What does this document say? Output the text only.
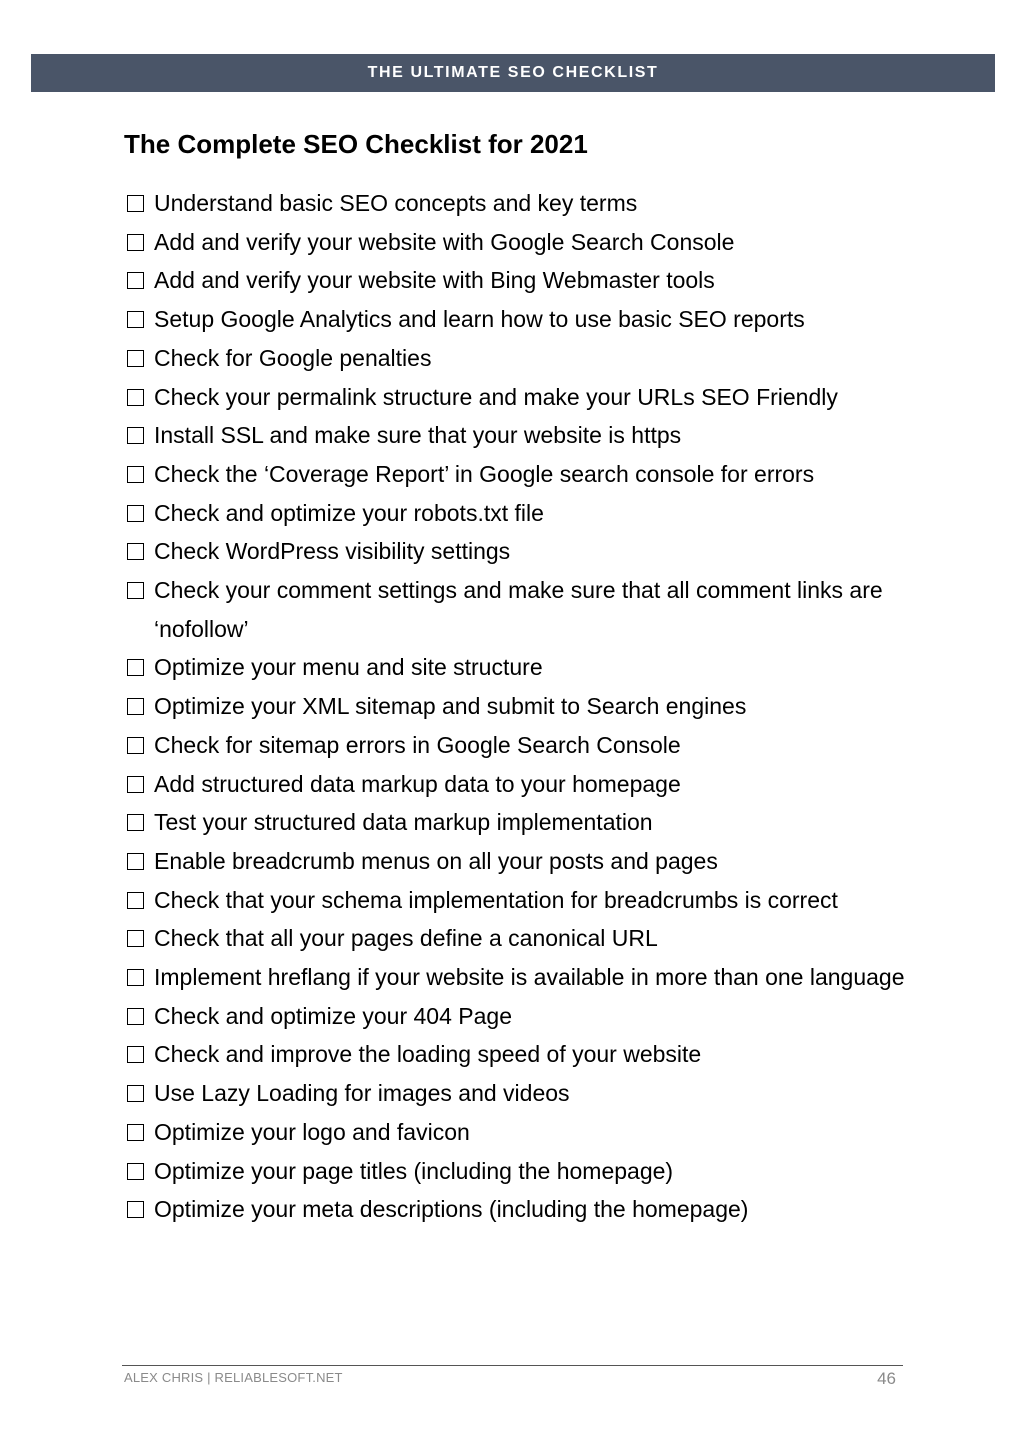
THE ULTIMATE SEO CHECKLIST
The Complete SEO Checklist for 2021
Understand basic SEO concepts and key terms
Add and verify your website with Google Search Console
Add and verify your website with Bing Webmaster tools
Setup Google Analytics and learn how to use basic SEO reports
Check for Google penalties
Check your permalink structure and make your URLs SEO Friendly
Install SSL and make sure that your website is https
Check the ‘Coverage Report’ in Google search console for errors
Check and optimize your robots.txt file
Check WordPress visibility settings
Check your comment settings and make sure that all comment links are ‘nofollow’
Optimize your menu and site structure
Optimize your XML sitemap and submit to Search engines
Check for sitemap errors in Google Search Console
Add structured data markup data to your homepage
Test your structured data markup implementation
Enable breadcrumb menus on all your posts and pages
Check that your schema implementation for breadcrumbs is correct
Check that all your pages define a canonical URL
Implement hreflang if your website is available in more than one language
Check and optimize your 404 Page
Check and improve the loading speed of your website
Use Lazy Loading for images and videos
Optimize your logo and favicon
Optimize your page titles (including the homepage)
Optimize your meta descriptions (including the homepage)
ALEX CHRIS | RELIABLESOFT.NET	46
